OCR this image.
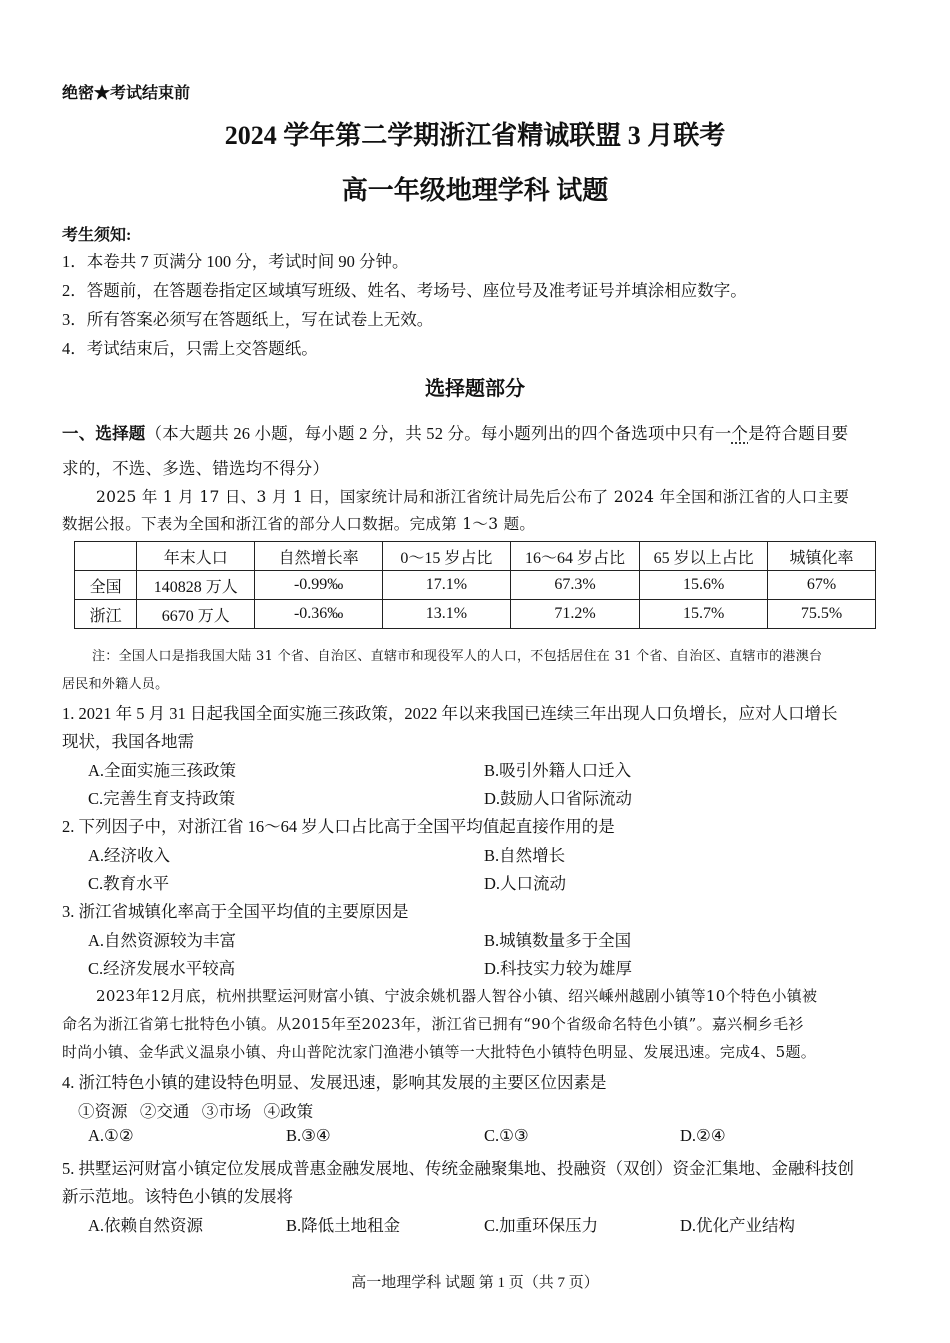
绝密★考试结束前
2024 学年第二学期浙江省精诚联盟 3 月联考
高一年级地理学科 试题
考生须知:
1．本卷共 7 页满分 100 分，考试时间 90 分钟。
2．答题前，在答题卷指定区域填写班级、姓名、考场号、座位号及准考证号并填涂相应数字。
3．所有答案必须写在答题纸上，写在试卷上无效。
4．考试结束后，只需上交答题纸。
选择题部分
一、选择题（本大题共 26 小题，每小题 2 分，共 52 分。每小题列出的四个备选项中只有一个是符合题目要
求的，不选、多选、错选均不得分）
2025 年 1 月 17 日、3 月 1 日，国家统计局和浙江省统计局先后公布了 2024 年全国和浙江省的人口主要
数据公报。下表为全国和浙江省的部分人口数据。完成第 1～3 题。
	年末人口	自然增长率	0～15 岁占比	16～64 岁占比	65 岁以上占比	城镇化率
全国	140828 万人	-0.99‰	17.1%	67.3%	15.6%	67%
浙江	6670 万人	-0.36‰	13.1%	71.2%	15.7%	75.5%
注：全国人口是指我国大陆 31 个省、自治区、直辖市和现役军人的人口，不包括居住在 31 个省、自治区、直辖市的港澳台
居民和外籍人员。
1. 2021 年 5 月 31 日起我国全面实施三孩政策，2022 年以来我国已连续三年出现人口负增长，应对人口增长
现状，我国各地需
A.全面实施三孩政策	B.吸引外籍人口迁入
C.完善生育支持政策	D.鼓励人口省际流动
2. 下列因子中，对浙江省 16～64 岁人口占比高于全国平均值起直接作用的是
A.经济收入	B.自然增长
C.教育水平	D.人口流动
3. 浙江省城镇化率高于全国平均值的主要原因是
A.自然资源较为丰富	B.城镇数量多于全国
C.经济发展水平较高	D.科技实力较为雄厚
2023年12月底，杭州拱墅运河财富小镇、宁波余姚机器人智谷小镇、绍兴嵊州越剧小镇等10个特色小镇被
命名为浙江省第七批特色小镇。从2015年至2023年，浙江省已拥有“90个省级命名特色小镇”。嘉兴桐乡毛衫
时尚小镇、金华武义温泉小镇、舟山普陀沈家门渔港小镇等一大批特色小镇特色明显、发展迅速。完成4、5题。
4. 浙江特色小镇的建设特色明显、发展迅速，影响其发展的主要区位因素是
①资源   ②交通   ③市场   ④政策
A.①②	B.③④	C.①③	D.②④
5. 拱墅运河财富小镇定位发展成普惠金融发展地、传统金融聚集地、投融资（双创）资金汇集地、金融科技创
新示范地。该特色小镇的发展将
A.依赖自然资源	B.降低土地租金	C.加重环保压力	D.优化产业结构
高一地理学科 试题 第 1 页（共 7 页）
